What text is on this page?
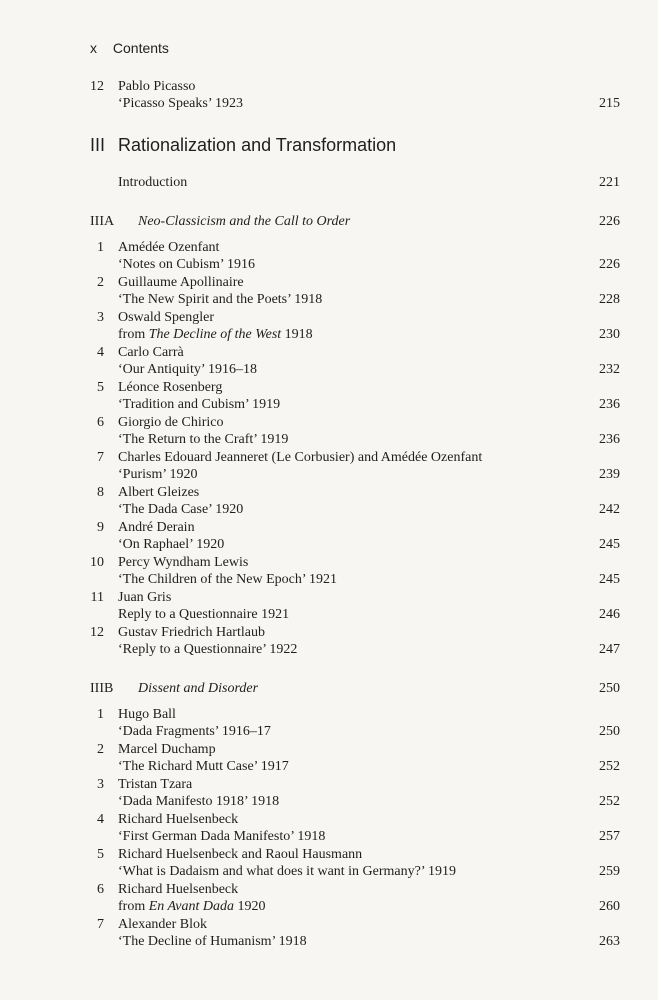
x Contents
12	Pablo Picasso
‘Picasso Speaks’ 1923	215
III Rationalization and Transformation
Introduction	221
IIIA	Neo-Classicism and the Call to Order	226
1	Amédée Ozenfant
‘Notes on Cubism’ 1916	226
2	Guillaume Apollinaire
‘The New Spirit and the Poets’ 1918	228
3	Oswald Spengler
from The Decline of the West 1918	230
4	Carlo Carrà
‘Our Antiquity’ 1916–18	232
5	Léonce Rosenberg
‘Tradition and Cubism’ 1919	236
6	Giorgio de Chirico
‘The Return to the Craft’ 1919	236
7	Charles Edouard Jeanneret (Le Corbusier) and Amédée Ozenfant
‘Purism’ 1920	239
8	Albert Gleizes
‘The Dada Case’ 1920	242
9	André Derain
‘On Raphael’ 1920	245
10	Percy Wyndham Lewis
‘The Children of the New Epoch’ 1921	245
11	Juan Gris
Reply to a Questionnaire 1921	246
12	Gustav Friedrich Hartlaub
‘Reply to a Questionnaire’ 1922	247
IIIB	Dissent and Disorder	250
1	Hugo Ball
‘Dada Fragments’ 1916–17	250
2	Marcel Duchamp
‘The Richard Mutt Case’ 1917	252
3	Tristan Tzara
‘Dada Manifesto 1918’ 1918	252
4	Richard Huelsenbeck
‘First German Dada Manifesto’ 1918	257
5	Richard Huelsenbeck and Raoul Hausmann
‘What is Dadaism and what does it want in Germany?’ 1919	259
6	Richard Huelsenbeck
from En Avant Dada 1920	260
7	Alexander Blok
‘The Decline of Humanism’ 1918	263
